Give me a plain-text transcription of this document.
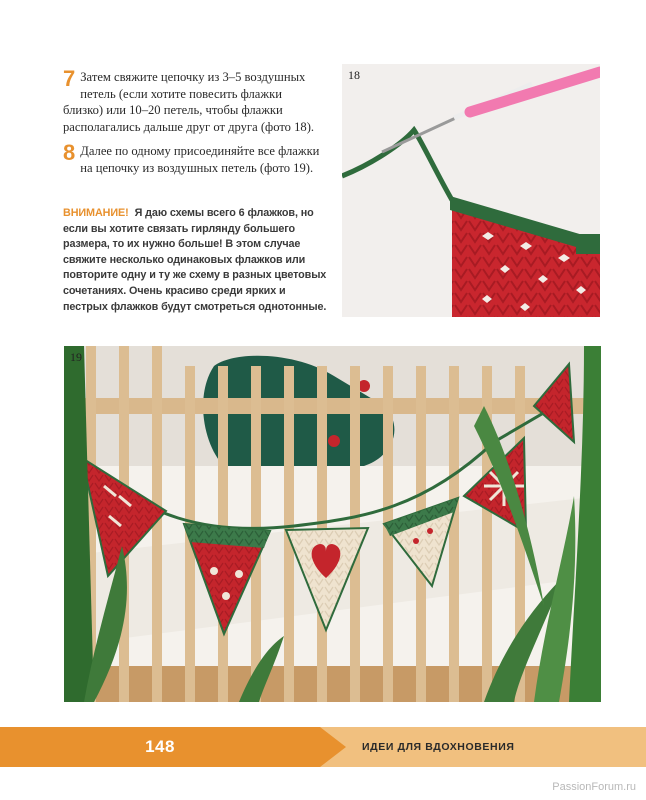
7 Затем свяжите цепочку из 3–5 воздушных петель (если хотите повесить флажки близко) или 10–20 петель, чтобы флажки располагались дальше друг от друга (фото 18).

8 Далее по одному присоединяйте все флажки на цепочку из воздушных петель (фото 19).

ВНИМАНИЕ! Я даю схемы всего 6 флажков, но если вы хотите связать гирлянду большего размера, то их нужно больше! В этом случае свяжите несколько одинаковых флажков или повторите одну и ту же схему в разных цветовых сочетаниях. Очень красиво среди ярких и пестрых флажков будут смотреться однотонные.
18
19
148	ИДЕИ ДЛЯ ВДОХНОВЕНИЯ
PassionForum.ru
